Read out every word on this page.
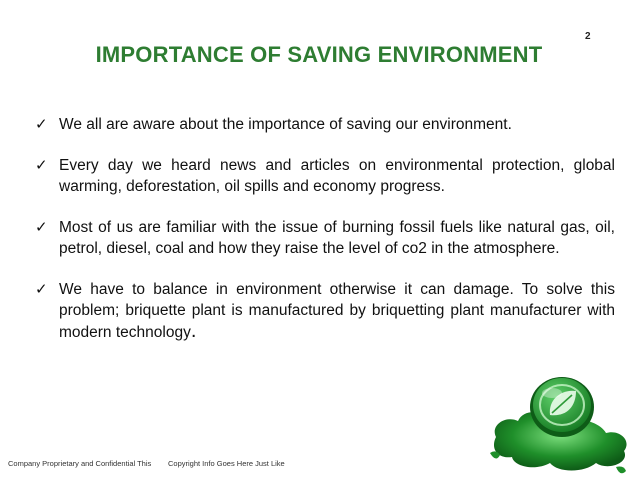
2
IMPORTANCE OF SAVING ENVIRONMENT
✓ We all are aware about the importance of saving our environment.
✓ Every day we heard news and articles on environmental protection, global warming, deforestation, oil spills and economy progress.
✓ Most of us are familiar with the issue of burning fossil fuels like natural gas, oil, petrol, diesel, coal and how they raise the level of co2 in the atmosphere.
✓ We have to balance in environment otherwise it can damage. To solve this problem; briquette plant is manufactured by briquetting plant manufacturer with modern technology.
Company Proprietary and Confidential This	Copyright Info Goes Here Just Like
